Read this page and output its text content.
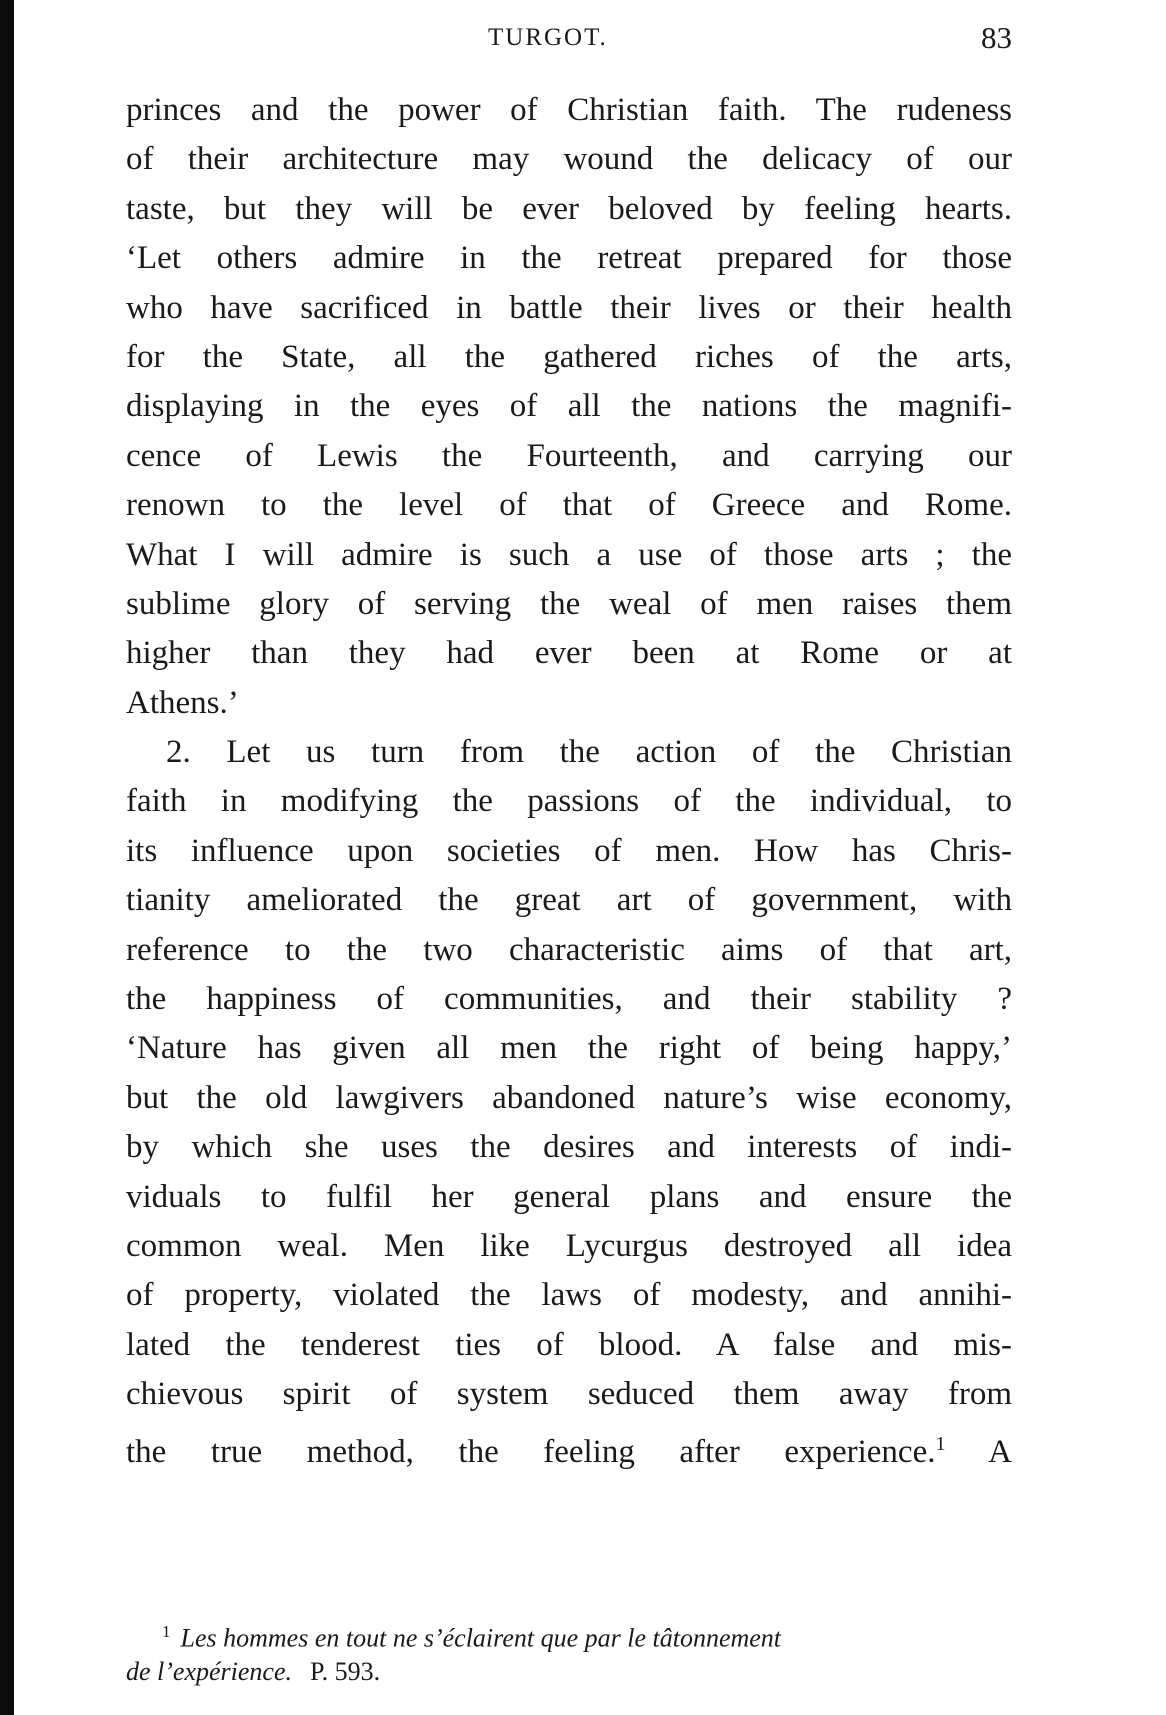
TURGOT.	83
princes and the power of Christian faith. The rudeness
of their architecture may wound the delicacy of our
taste, but they will be ever beloved by feeling hearts.
‘Let others admire in the retreat prepared for those
who have sacrificed in battle their lives or their health
for the State, all the gathered riches of the arts,
displaying in the eyes of all the nations the magnifi-
cence of Lewis the Fourteenth, and carrying our
renown to the level of that of Greece and Rome.
What I will admire is such a use of those arts ; the
sublime glory of serving the weal of men raises them
higher than they had ever been at Rome or at
Athens.’
2. Let us turn from the action of the Christian
faith in modifying the passions of the individual, to
its influence upon societies of men. How has Chris-
tianity ameliorated the great art of government, with
reference to the two characteristic aims of that art,
the happiness of communities, and their stability ?
‘Nature has given all men the right of being happy,’
but the old lawgivers abandoned nature’s wise economy,
by which she uses the desires and interests of indi-
viduals to fulfil her general plans and ensure the
common weal. Men like Lycurgus destroyed all idea
of property, violated the laws of modesty, and annihi-
lated the tenderest ties of blood. A false and mis-
chievous spirit of system seduced them away from
the true method, the feeling after experience.$^1$ A
$^1$ Les hommes en tout ne s’éclairent que par le tâtonnement
de l’expérience. P. 593.
